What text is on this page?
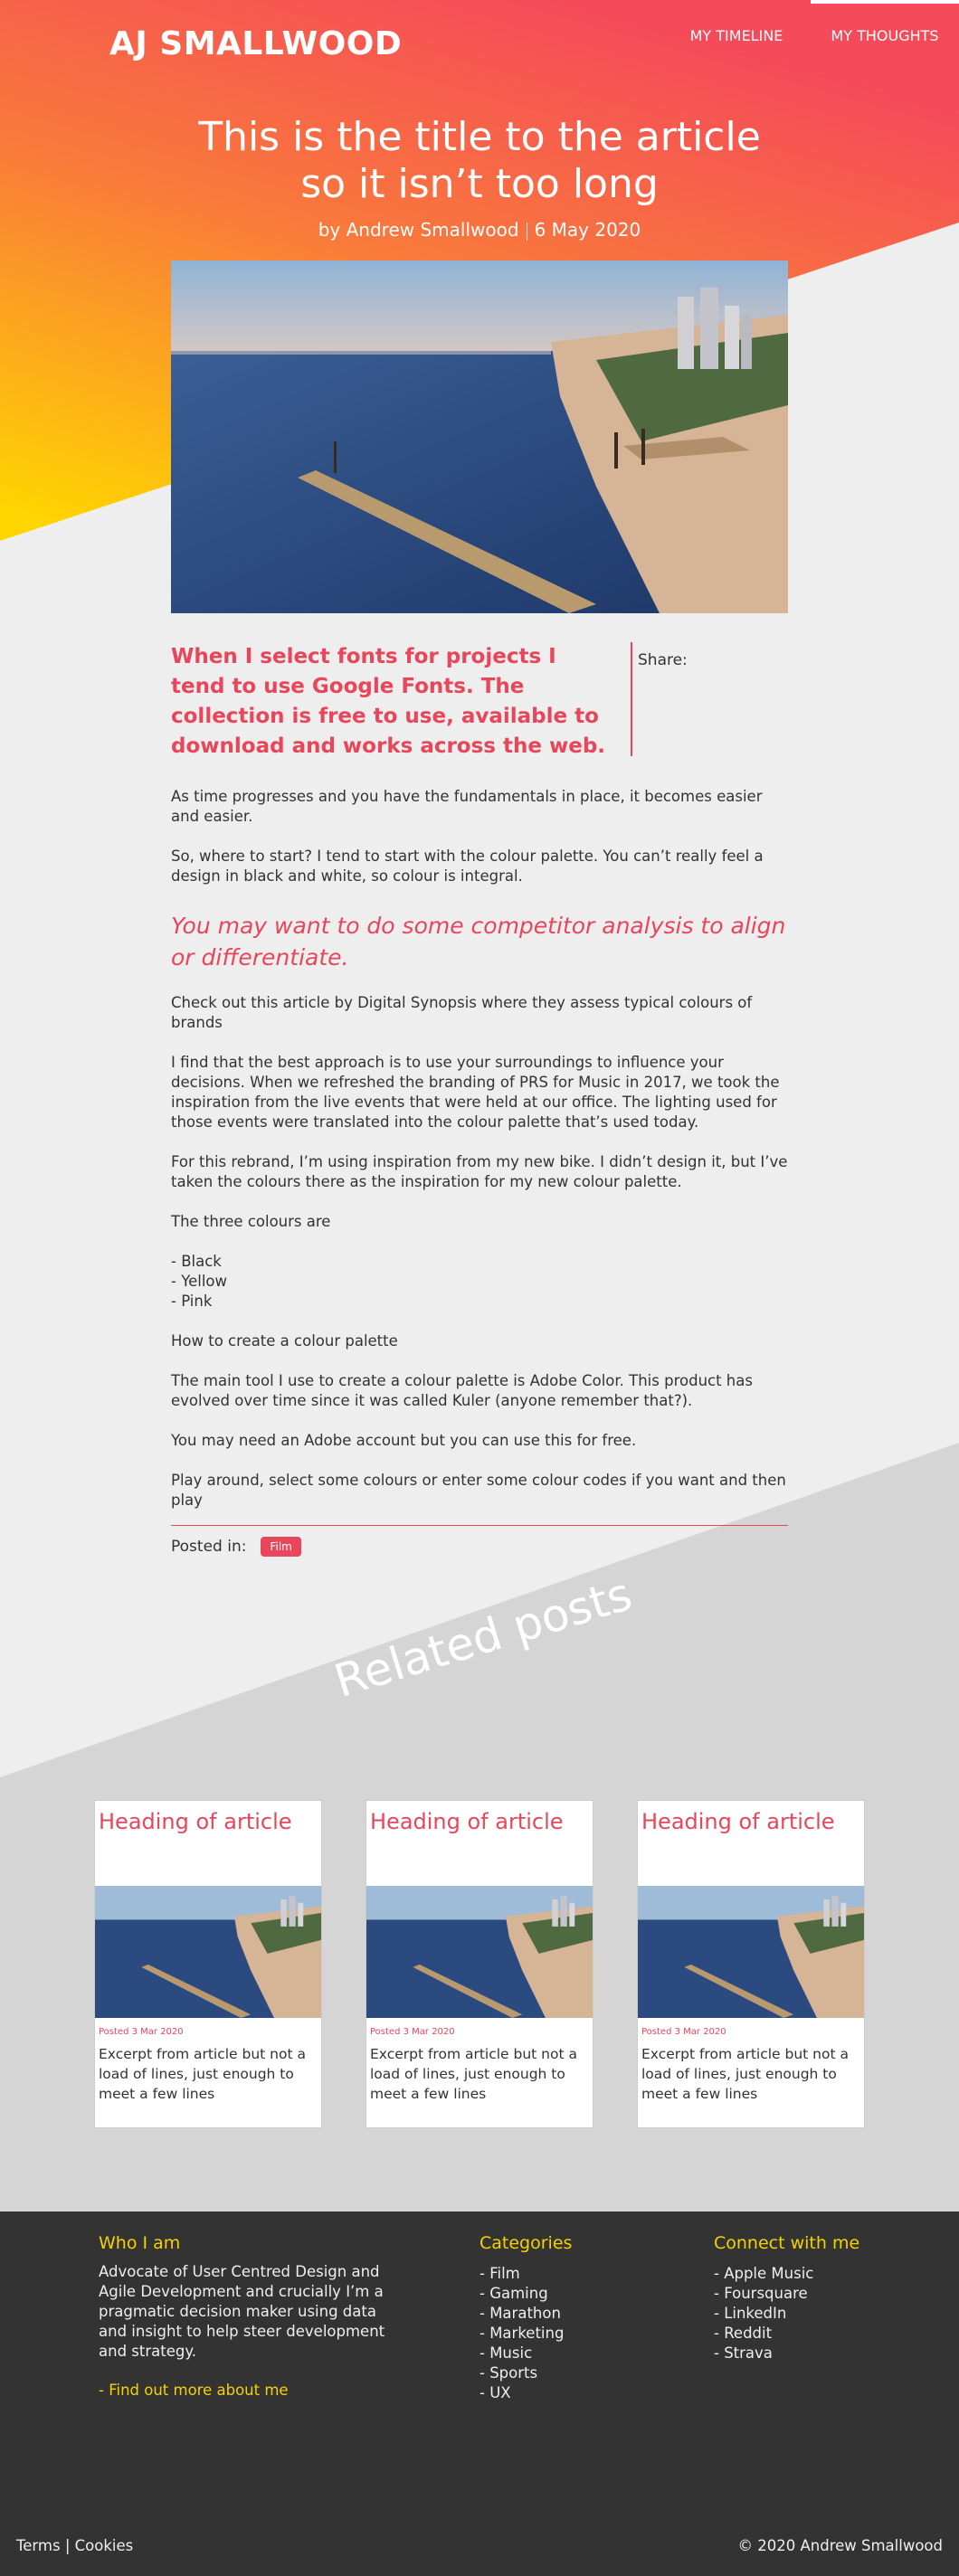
AJ SMALLWOOD	MY TIMELINE	MY THOUGHTS
This is the title to the article so it isn’t too long
by Andrew Smallwood 6 May 2020
When I select fonts for projects I tend to use Google Fonts. The collection is free to use, available to download and works across the web.
Share:

As time progresses and you have the fundamentals in place, it becomes easier and easier.

So, where to start? I tend to start with the colour palette. You can’t really feel a design in black and white, so colour is integral.

You may want to do some competitor analysis to align or differentiate.

Check out this article by Digital Synopsis where they assess typical colours of brands

I find that the best approach is to use your surroundings to influence your decisions. When we refreshed the branding of PRS for Music in 2017, we took the inspiration from the live events that were held at our office. The lighting used for those events were translated into the colour palette that’s used today.

For this rebrand, I’m using inspiration from my new bike. I didn’t design it, but I’ve taken the colours there as the inspiration for my new colour palette.

The three colours are

- Black
- Yellow
- Pink

How to create a colour palette

The main tool I use to create a colour palette is Adobe Color. This product has evolved over time since it was called Kuler (anyone remember that?).

You may need an Adobe account but you can use this for free.

Play around, select some colours or enter some colour codes if you want and then play

Posted in:	Film
Related posts
Heading of article
Posted 3 Mar 2020
Excerpt from article but not a load of lines, just enough to meet a few lines
Heading of article
Posted 3 Mar 2020
Excerpt from article but not a load of lines, just enough to meet a few lines
Heading of article
Posted 3 Mar 2020
Excerpt from article but not a load of lines, just enough to meet a few lines
Who I am
Advocate of User Centred Design and Agile Development and crucially I’m a pragmatic decision maker using data and insight to help steer development and strategy.
- Find out more about me
Categories
- Film
- Gaming
- Marathon
- Marketing
- Music
- Sports
- UX
Connect with me
- Apple Music
- Foursquare
- LinkedIn
- Reddit
- Strava
Terms | Cookies	© 2020 Andrew Smallwood
